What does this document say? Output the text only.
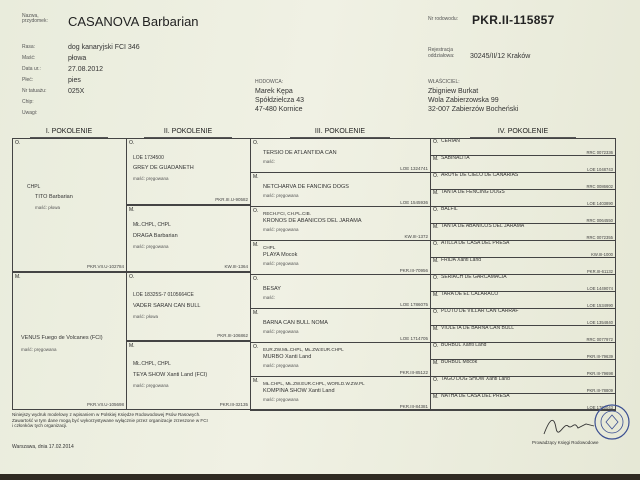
Nazwa, przydomek:	CASANOVA Barbarian	Nr rodowodu: PKR.II-115857
Rasa:	dog kanaryjski FCI 346
Maść:	płowa
Data ur.:	27.08.2012
Płeć:	pies
Nr tatuażu:	025X
Chip:
Uwagi:
Rejestracja oddziałowa:	30245/II/12 Kraków
HODOWCA:
Marek Kępa
Spółdzielcza 43
47-480 Kornice
WŁAŚCICIEL:
Zbigniew Burkat
Wola Zabierzowska 99
32-007 Zabierzów Bocheński
I. POKOLENIE	II. POKOLENIE	III. POKOLENIE	IV. POKOLENIE
O.
CHPL
TITO Barbarian
maść: płowa
PKR.VII.U-102784
M.
VENUS Fuego de Volcanes (FCI)
maść: pręgowana
PKR.VII.U-105698
O.
LOE 1734500
GREY DE GUADANETH
maść: pręgowana
PKR.III.U-90582
M.
MŁ.CHPL, CHPL
DRAGA Barbarian
maść: pręgowana
KW.III-1364
O.
LOE 18325S-7 0105664CE
VADER SARAN CAN BULL
maść: płowa
PKR.III-106862
M.
MŁ.CHPL, CHPL
TEYA SHOW Xanti Land (FCI)
maść: pręgowana
PKR.III-32135
O.
TERSIO DE ATLANTIDA CAN
maść:
LOE 1324741
M.
NETCHARVA DE FANCING DOGS
maść: pręgowana
LOE 1545936
O. RECH.FCI, CH.PL.CIB.
KRONOS DE ABANICOS DEL JARAMA
maść: pręgowana
KW.III-1372
M. CHPL
PLAYA Mocok
maść: pręgowana
PKR.III-70956
O.
BESAY
maść:
LOE 1786075
M.
BARNA CAN BULL NOMA
maść: pręgowana
LOE 1714705
O. EUR.ZW.MŁ.CHPL, MŁ.ZW.EUR.CHPL
MURBO Xanti Land
maść: pręgowana
PKR.III-85122
M. MŁ.CHPL, MŁ.ZW.EUR.CHPL, WORLD.W.ZW.PL
KOMPINA SHOW Xanti Land
maść: pręgowana
PKR.III-84381
O. CERIAN
RRC 0072336
M. SABINALITA
LOE 1048743
O. ARUYE DE CIELO DE CANARIAS
RRC 0086602
M. TANTA DE FENCING DOGS
LOE 1403890
O. BALFIL
RRC 0064550
M. TANTA DE ABANICOS DEL JARAMA
RRC 0072355
O. ATILLA DE CASA DEL PRESA
KW.III-1000
M. FRIDA Xanti Land
PKR.III-61132
O. SERIACH DE GARCAMACIA
LOE 1449074
M. TARA DE EL CALARACO
LOE 1534990
O. PLUTO DE VILLAR CAN CARRAF
LOE 1354840
M. VIOLETA DE BARNA CAN BULL
RRC 0077972
O. BURBUL Xanti Land
PKR.III-79639
M. BURBUL Mocok
PKR.III-79698
O. TAGO DOG SHOW Xanti Land
PKR.III-78809
M. NATHA DE CASA DEL PRESA
LOE 1700043
Niniejszy wydruk modelowy z wpisaniem w Polskiej Księdze Rodowodowej Psów Rasowych.
Zawartość w tym dane mogą być wykorzystywane wyłącznie przez organizacje zrzeszone w FCI
i członków tych organizacji.
Warszawa, dnia 17.02.2014
Prowadzący Księgi Rodowodowe
